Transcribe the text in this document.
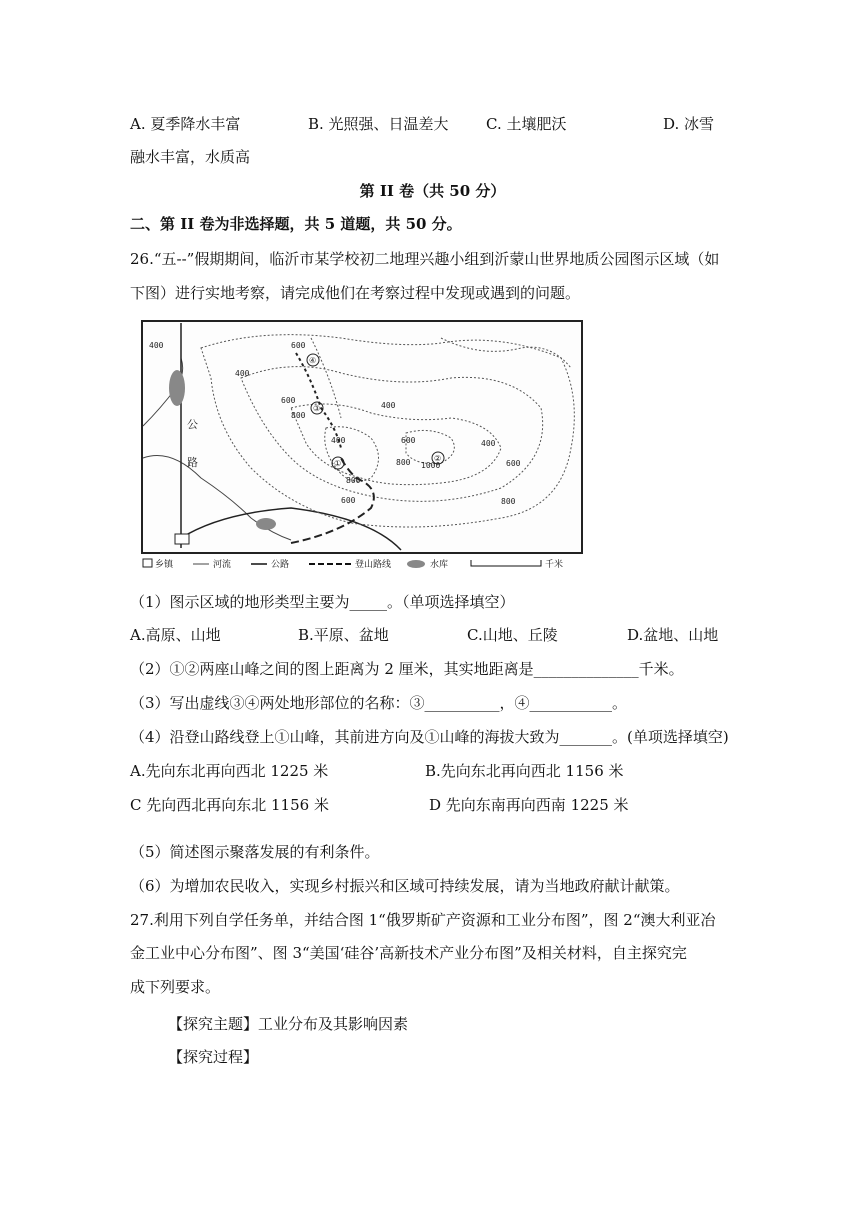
A. 夏季降水丰富	B. 光照强、日温差大 C. 土壤肥沃	D. 冰雪
融水丰富，水质高
第 II 卷（共 50 分）
二、第 II 卷为非选择题，共 5 道题，共 50 分。
26.“五--”假期期间，临沂市某学校初二地理兴趣小组到沂蒙山世界地质公园图示区域（如
下图）进行实地考察，请完成他们在考察过程中发现或遇到的问题。
④
③
①
②
400
400
600
800
600
400
600
800
400
600
800 1000
400
600
800
公
路
乡镇	河流	公路	登山路线	水库	千米
（1）图示区域的地形类型主要为_____。（单项选择填空）
A.高原、山地	B.平原、盆地	C.山地、丘陵	D.盆地、山地
（2）①②两座山峰之间的图上距离为 2 厘米，其实地距离是______________千米。
（3）写出虚线③④两处地形部位的名称：③__________，④___________。
（4）沿登山路线登上①山峰，其前进方向及①山峰的海拔大致为_______。(单项选择填空)
A.先向东北再向西北 1225 米	B.先向东北再向西北 1156 米
C 先向西北再向东北 1156 米	D 先向东南再向西南 1225 米
（5）简述图示聚落发展的有利条件。
（6）为增加农民收入，实现乡村振兴和区域可持续发展，请为当地政府献计献策。
27.利用下列自学任务单，并结合图 1“俄罗斯矿产资源和工业分布图”，图 2“澳大利亚冶
金工业中心分布图”、图 3“美国‘硅谷’高新技术产业分布图”及相关材料，自主探究完
成下列要求。
【探究主题】工业分布及其影响因素
【探究过程】
